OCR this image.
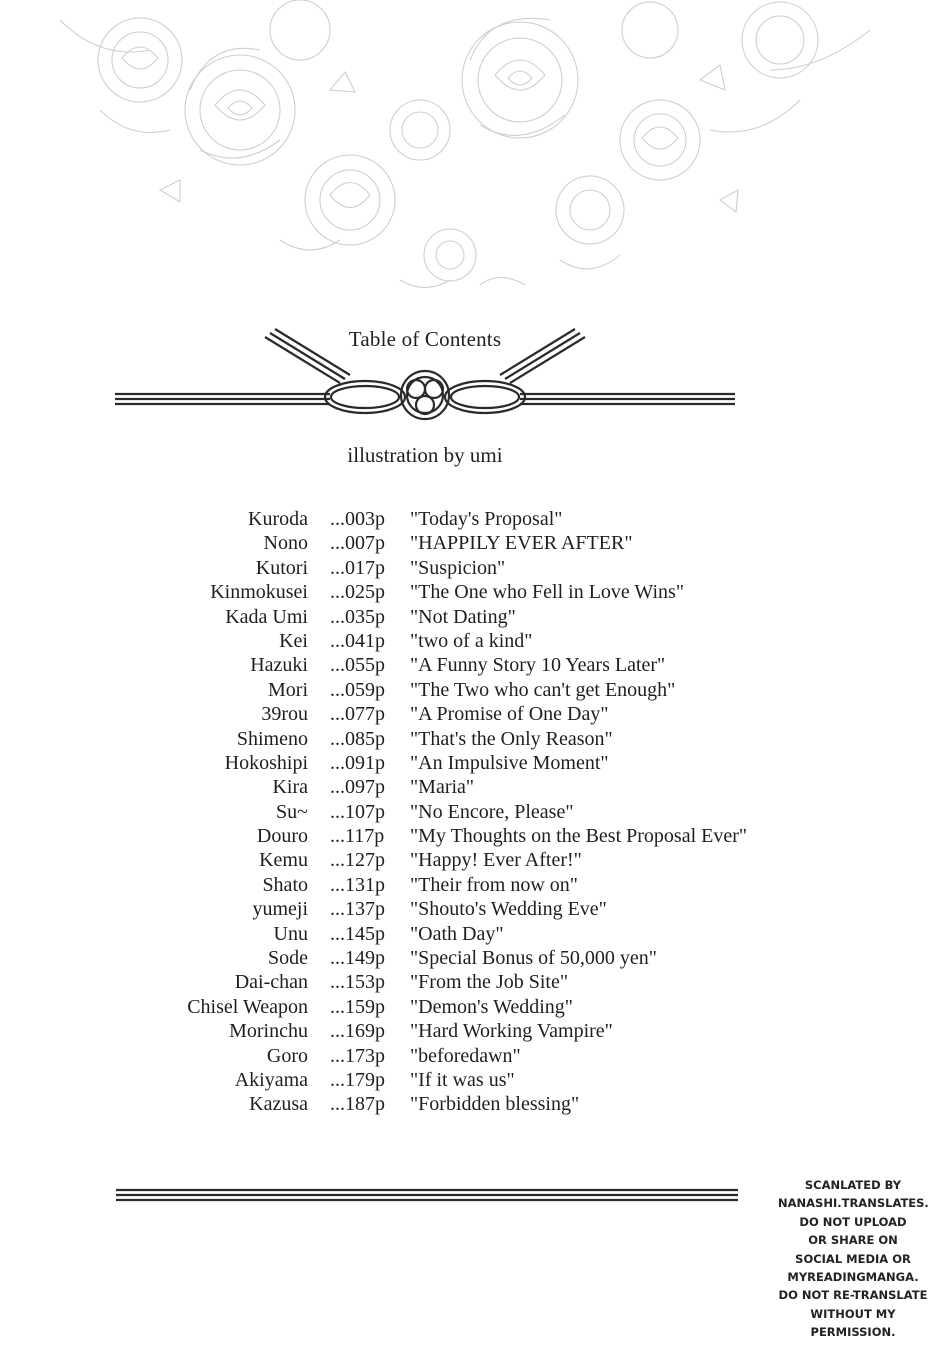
Table of Contents
illustration by umi
Kuroda ...003p "Today's Proposal"
Nono ...007p "HAPPILY EVER AFTER"
Kutori ...017p "Suspicion"
Kinmokusei ...025p "The One who Fell in Love Wins"
Kada Umi ...035p "Not Dating"
Kei ...041p "two of a kind"
Hazuki ...055p "A Funny Story 10 Years Later"
Mori ...059p "The Two who can't get Enough"
39rou ...077p "A Promise of One Day"
Shimeno ...085p "That's the Only Reason"
Hokoshipi ...091p "An Impulsive Moment"
Kira ...097p "Maria"
Su~ ...107p "No Encore, Please"
Douro ...117p "My Thoughts on the Best Proposal Ever"
Kemu ...127p "Happy! Ever After!"
Shato ...131p "Their from now on"
yumeji ...137p "Shouto's Wedding Eve"
Unu ...145p "Oath Day"
Sode ...149p "Special Bonus of 50,000 yen"
Dai-chan ...153p "From the Job Site"
Chisel Weapon ...159p "Demon's Wedding"
Morinchu ...169p "Hard Working Vampire"
Goro ...173p "beforedawn"
Akiyama ...179p "If it was us"
Kazusa ...187p "Forbidden blessing"
SCANLATED BY
NANASHI.TRANSLATES.
DO NOT UPLOAD
OR SHARE ON
SOCIAL MEDIA OR
MYREADINGMANGA.
DO NOT RE-TRANSLATE
WITHOUT MY
PERMISSION.
